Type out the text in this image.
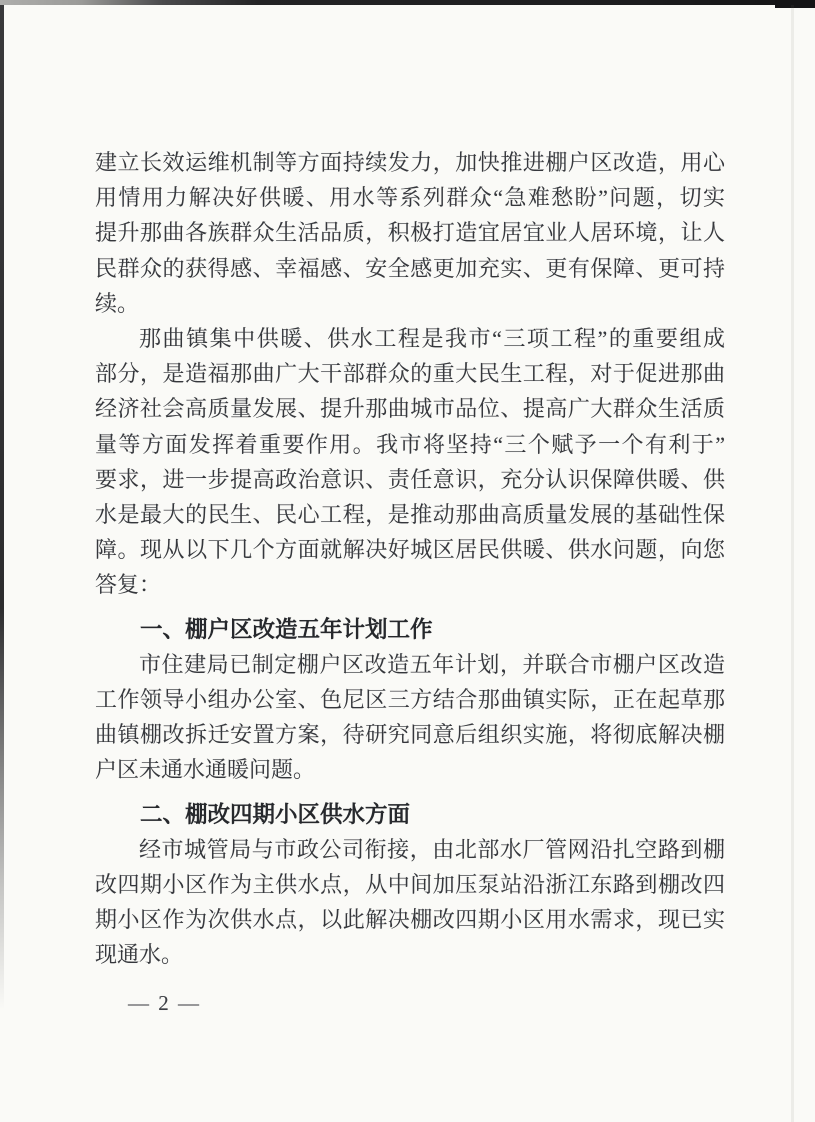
建立长效运维机制等方面持续发力，加快推进棚户区改造，用心
用情用力解决好供暖、用水等系列群众“急难愁盼”问题，切实
提升那曲各族群众生活品质，积极打造宜居宜业人居环境，让人
民群众的获得感、幸福感、安全感更加充实、更有保障、更可持
续。
那曲镇集中供暖、供水工程是我市“三项工程”的重要组成
部分，是造福那曲广大干部群众的重大民生工程，对于促进那曲
经济社会高质量发展、提升那曲城市品位、提高广大群众生活质
量等方面发挥着重要作用。我市将坚持“三个赋予一个有利于”
要求，进一步提高政治意识、责任意识，充分认识保障供暖、供
水是最大的民生、民心工程，是推动那曲高质量发展的基础性保
障。现从以下几个方面就解决好城区居民供暖、供水问题，向您
答复：
一、棚户区改造五年计划工作
市住建局已制定棚户区改造五年计划，并联合市棚户区改造
工作领导小组办公室、色尼区三方结合那曲镇实际，正在起草那
曲镇棚改拆迁安置方案，待研究同意后组织实施，将彻底解决棚
户区未通水通暖问题。
二、棚改四期小区供水方面
经市城管局与市政公司衔接，由北部水厂管网沿扎空路到棚
改四期小区作为主供水点，从中间加压泵站沿浙江东路到棚改四
期小区作为次供水点，以此解决棚改四期小区用水需求，现已实
现通水。
— 2 —
